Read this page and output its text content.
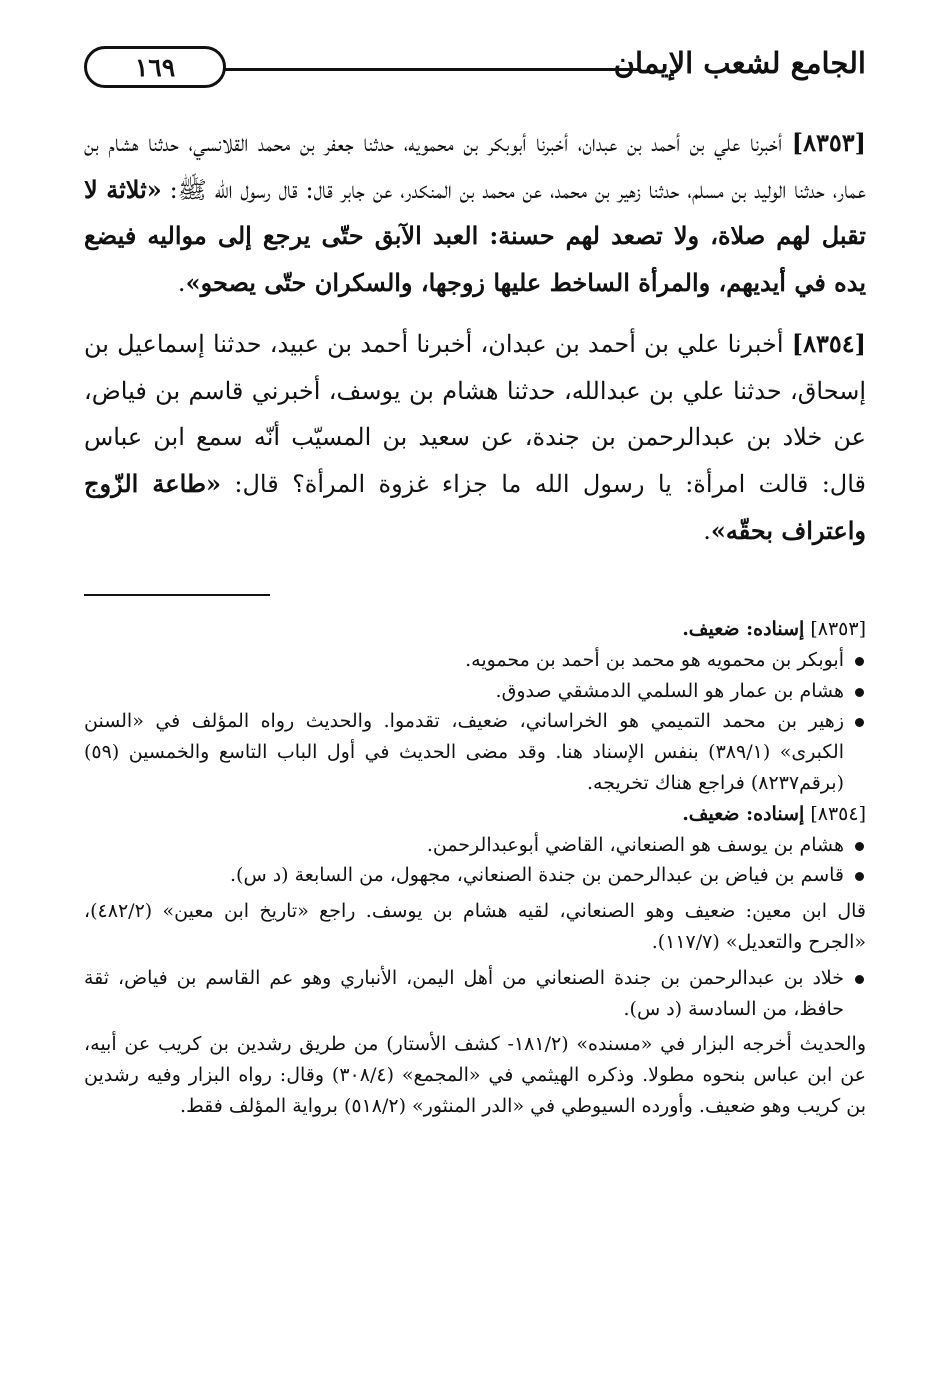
الجامع لشعب الإيمان
١٦٩

[٨٣٥٣] أخبرنا علي بن أحمد بن عبدان، أخبرنا أبوبكر بن محمويه، حدثنا جعفر بن محمد القلانسي، حدثنا هشام بن عمار، حدثنا الوليد بن مسلم، حدثنا زهير بن محمد، عن محمد بن المنكدر، عن جابر قال: قال رسول الله ﷺ: «ثلاثة لا تقبل لهم صلاة، ولا تصعد لهم حسنة: العبد الآبق حتّى يرجع إلى مواليه فيضع يده في أيديهم، والمرأة الساخط عليها زوجها، والسكران حتّى يصحو».

[٨٣٥٤] أخبرنا علي بن أحمد بن عبدان، أخبرنا أحمد بن عبيد، حدثنا إسماعيل بن إسحاق، حدثنا علي بن عبدالله، حدثنا هشام بن يوسف، أخبرني قاسم بن فياض، عن خلاد بن عبدالرحمن بن جندة، عن سعيد بن المسيّب أنّه سمع ابن عباس قال: قالت امرأة: يا رسول الله ما جزاء غزوة المرأة؟ قال: «طاعة الزّوج واعتراف بحقّه».

[٨٣٥٣] إسناده: ضعيف.

أبوبكر بن محمويه هو محمد بن أحمد بن محمويه.
هشام بن عمار هو السلمي الدمشقي صدوق.
زهير بن محمد التميمي هو الخراساني، ضعيف، تقدموا. والحديث رواه المؤلف في «السنن الكبرى» (٣٨٩/١) بنفس الإسناد هنا. وقد مضى الحديث في أول الباب التاسع والخمسين (٥٩) (برقم٨٢٣٧) فراجع هناك تخريجه.

[٨٣٥٤] إسناده: ضعيف.

هشام بن يوسف هو الصنعاني، القاضي أبوعبدالرحمن.
قاسم بن فياض بن عبدالرحمن بن جندة الصنعاني، مجهول، من السابعة (د س).

قال ابن معين: ضعيف وهو الصنعاني، لقيه هشام بن يوسف. راجع «تاريخ ابن معين» (٤٨٢/٢)، «الجرح والتعديل» (١١٧/٧).

خلاد بن عبدالرحمن بن جندة الصنعاني من أهل اليمن، الأنباري وهو عم القاسم بن فياض، ثقة حافظ، من السادسة (د س).

والحديث أخرجه البزار في «مسنده» (١٨١/٢- كشف الأستار) من طريق رشدين بن كريب عن أبيه، عن ابن عباس بنحوه مطولا. وذكره الهيثمي في «المجمع» (٣٠٨/٤) وقال: رواه البزار وفيه رشدين بن كريب وهو ضعيف. وأورده السيوطي في «الدر المنثور» (٥١٨/٢) برواية المؤلف فقط.
